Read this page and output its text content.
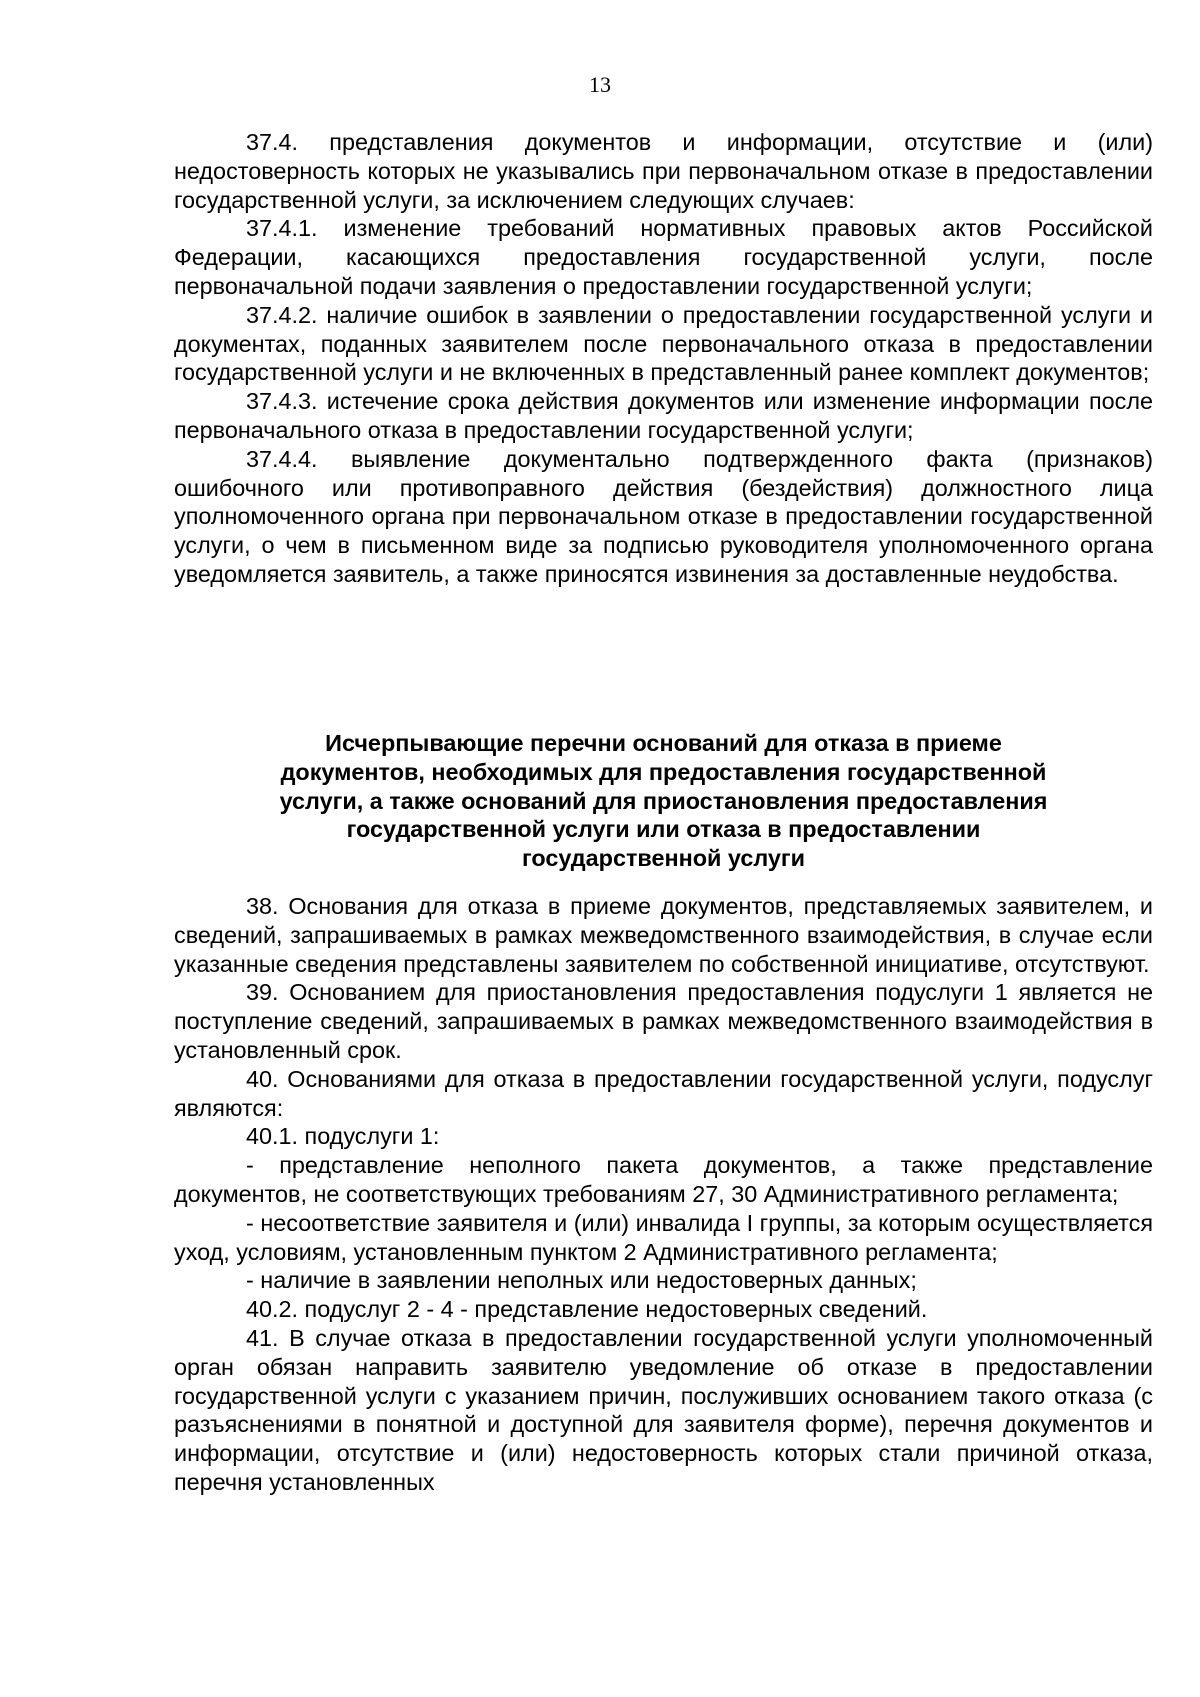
13

37.4. представления документов и информации, отсутствие и (или) недостоверность которых не указывались при первоначальном отказе в предоставлении государственной услуги, за исключением следующих случаев:

37.4.1. изменение требований нормативных правовых актов Российской Федерации, касающихся предоставления государственной услуги, после первоначальной подачи заявления о предоставлении государственной услуги;

37.4.2. наличие ошибок в заявлении о предоставлении государственной услуги и документах, поданных заявителем после первоначального отказа в предоставлении государственной услуги и не включенных в представленный ранее комплект документов;

37.4.3. истечение срока действия документов или изменение информации после первоначального отказа в предоставлении государственной услуги;

37.4.4. выявление документально подтвержденного факта (признаков) ошибочного или противоправного действия (бездействия) должностного лица уполномоченного органа при первоначальном отказе в предоставлении государственной услуги, о чем в письменном виде за подписью руководителя уполномоченного органа уведомляется заявитель, а также приносятся извинения за доставленные неудобства.

Исчерпывающие перечни оснований для отказа в приеме
документов, необходимых для предоставления государственной
услуги, а также оснований для приостановления предоставления
государственной услуги или отказа в предоставлении
государственной услуги

38. Основания для отказа в приеме документов, представляемых заявителем, и сведений, запрашиваемых в рамках межведомственного взаимодействия, в случае если указанные сведения представлены заявителем по собственной инициативе, отсутствуют.

39. Основанием для приостановления предоставления подуслуги 1 является не поступление сведений, запрашиваемых в рамках межведомственного взаимодействия в установленный срок.

40. Основаниями для отказа в предоставлении государственной услуги, подуслуг являются:

40.1. подуслуги 1:

- представление неполного пакета документов, а также представление документов, не соответствующих требованиям 27, 30 Административного регламента;

- несоответствие заявителя и (или) инвалида I группы, за которым осуществляется уход, условиям, установленным пунктом 2 Административного регламента;

- наличие в заявлении неполных или недостоверных данных;

40.2. подуслуг 2 - 4 - представление недостоверных сведений.

41. В случае отказа в предоставлении государственной услуги уполномоченный орган обязан направить заявителю уведомление об отказе в предоставлении государственной услуги с указанием причин, послуживших основанием такого отказа (с разъяснениями в понятной и доступной для заявителя форме), перечня документов и информации, отсутствие и (или) недостоверность которых стали причиной отказа, перечня установленных
